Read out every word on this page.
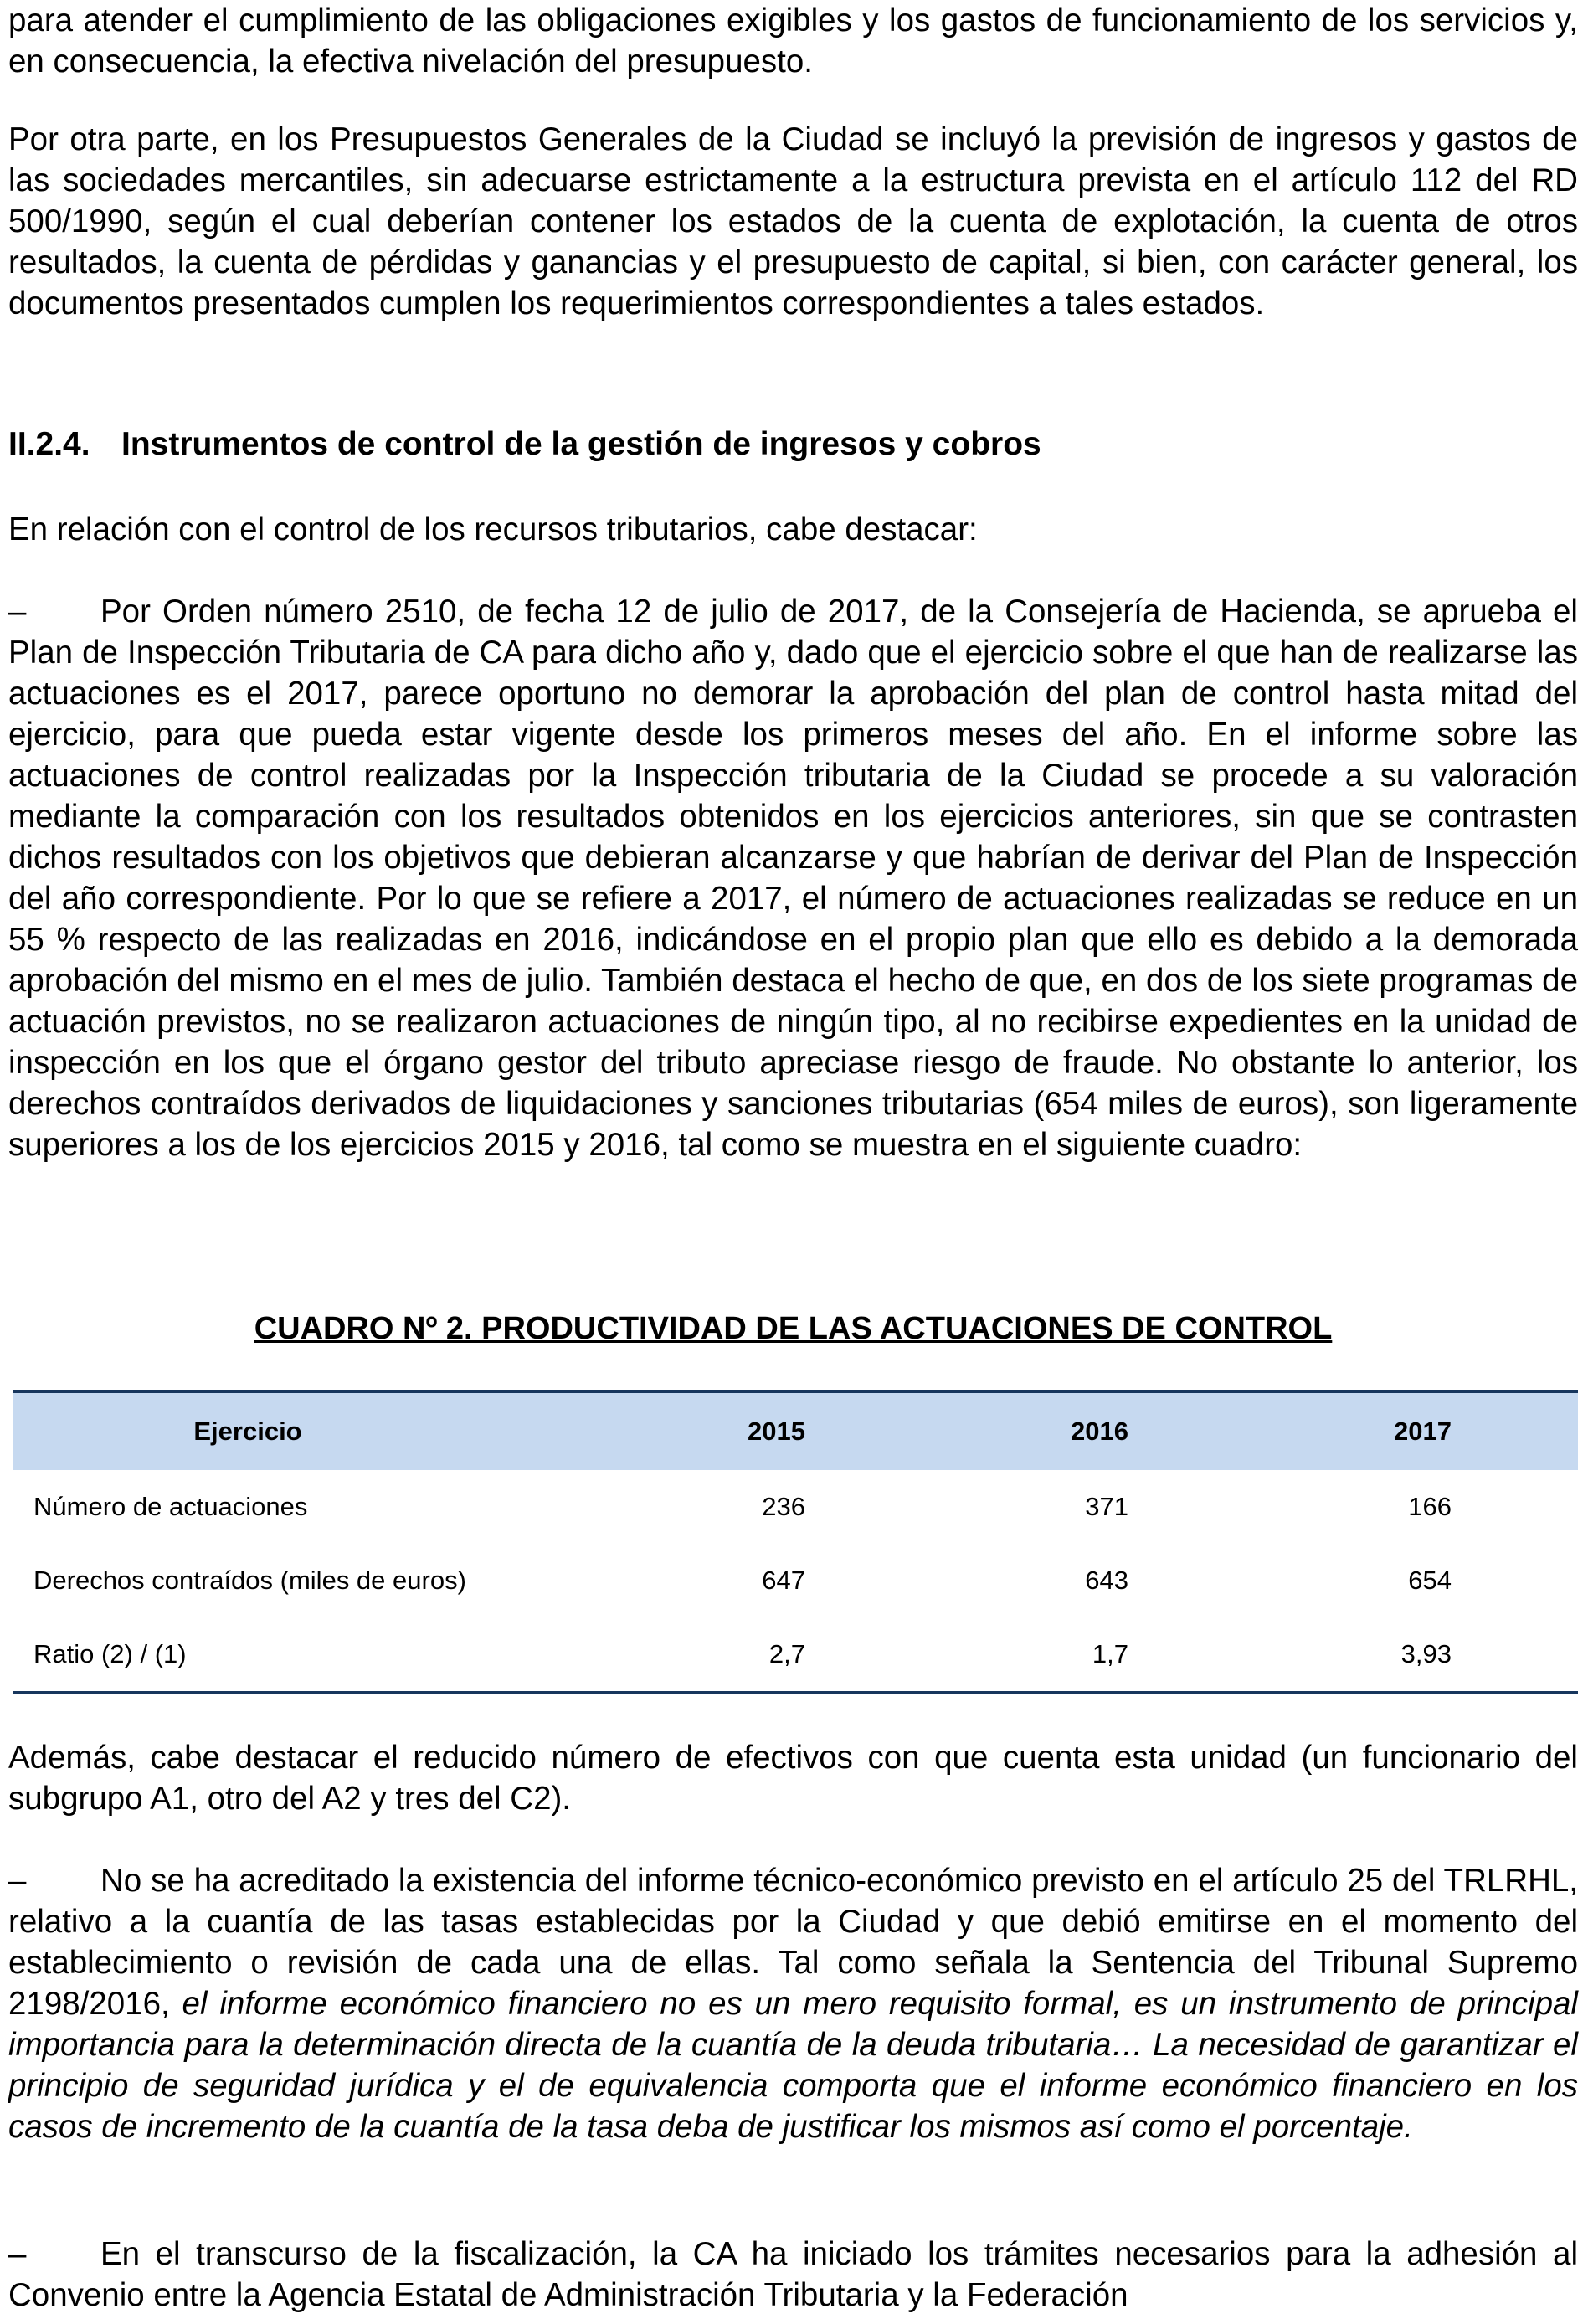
para atender el cumplimiento de las obligaciones exigibles y los gastos de funcionamiento de los servicios y, en consecuencia, la efectiva nivelación del presupuesto.

Por otra parte, en los Presupuestos Generales de la Ciudad se incluyó la previsión de ingresos y gastos de las sociedades mercantiles, sin adecuarse estrictamente a la estructura prevista en el artículo 112 del RD 500/1990, según el cual deberían contener los estados de la cuenta de explotación, la cuenta de otros resultados, la cuenta de pérdidas y ganancias y el presupuesto de capital, si bien, con carácter general, los documentos presentados cumplen los requerimientos correspondientes a tales estados.

II.2.4. Instrumentos de control de la gestión de ingresos y cobros

En relación con el control de los recursos tributarios, cabe destacar:

– Por Orden número 2510, de fecha 12 de julio de 2017, de la Consejería de Hacienda, se aprueba el Plan de Inspección Tributaria de CA para dicho año y, dado que el ejercicio sobre el que han de realizarse las actuaciones es el 2017, parece oportuno no demorar la aprobación del plan de control hasta mitad del ejercicio, para que pueda estar vigente desde los primeros meses del año. En el informe sobre las actuaciones de control realizadas por la Inspección tributaria de la Ciudad se procede a su valoración mediante la comparación con los resultados obtenidos en los ejercicios anteriores, sin que se contrasten dichos resultados con los objetivos que debieran alcanzarse y que habrían de derivar del Plan de Inspección del año correspondiente. Por lo que se refiere a 2017, el número de actuaciones realizadas se reduce en un 55 % respecto de las realizadas en 2016, indicándose en el propio plan que ello es debido a la demorada aprobación del mismo en el mes de julio. También destaca el hecho de que, en dos de los siete programas de actuación previstos, no se realizaron actuaciones de ningún tipo, al no recibirse expedientes en la unidad de inspección en los que el órgano gestor del tributo apreciase riesgo de fraude. No obstante lo anterior, los derechos contraídos derivados de liquidaciones y sanciones tributarias (654 miles de euros), son ligeramente superiores a los de los ejercicios 2015 y 2016, tal como se muestra en el siguiente cuadro:

CUADRO Nº 2. PRODUCTIVIDAD DE LAS ACTUACIONES DE CONTROL
Ejercicio	2015	2016	2017
Número de actuaciones	236	371	166
Derechos contraídos (miles de euros)	647	643	654
Ratio (2) / (1)	2,7	1,7	3,93

Además, cabe destacar el reducido número de efectivos con que cuenta esta unidad (un funcionario del subgrupo A1, otro del A2 y tres del C2).

– No se ha acreditado la existencia del informe técnico-económico previsto en el artículo 25 del TRLRHL, relativo a la cuantía de las tasas establecidas por la Ciudad y que debió emitirse en el momento del establecimiento o revisión de cada una de ellas. Tal como señala la Sentencia del Tribunal Supremo 2198/2016, el informe económico financiero no es un mero requisito formal, es un instrumento de principal importancia para la determinación directa de la cuantía de la deuda tributaria… La necesidad de garantizar el principio de seguridad jurídica y el de equivalencia comporta que el informe económico financiero en los casos de incremento de la cuantía de la tasa deba de justificar los mismos así como el porcentaje.

– En el transcurso de la fiscalización, la CA ha iniciado los trámites necesarios para la adhesión al Convenio entre la Agencia Estatal de Administración Tributaria y la Federación
